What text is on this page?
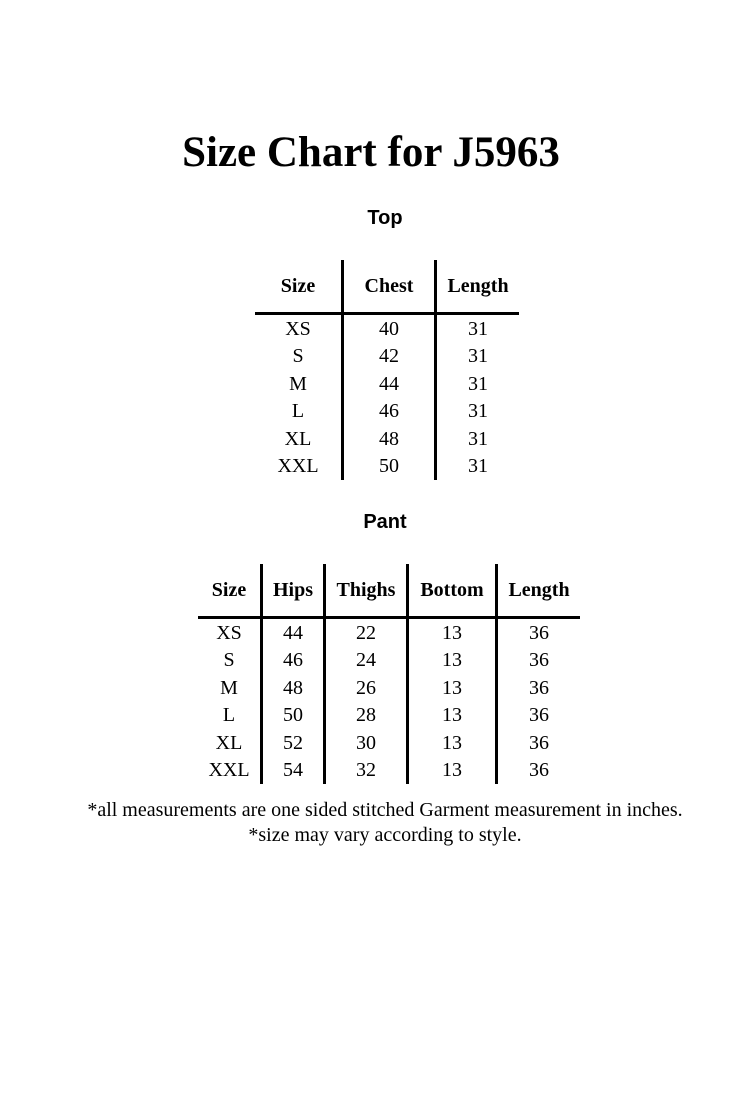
Size Chart for J5963
Top
Size	Chest	Length
XS	40	31
S	42	31
M	44	31
L	46	31
XL	48	31
XXL	50	31
Pant
Size	Hips	Thighs	Bottom	Length
XS	44	22	13	36
S	46	24	13	36
M	48	26	13	36
L	50	28	13	36
XL	52	30	13	36
XXL	54	32	13	36
*all measurements are one sided stitched Garment measurement in inches.
*size may vary according to style.
